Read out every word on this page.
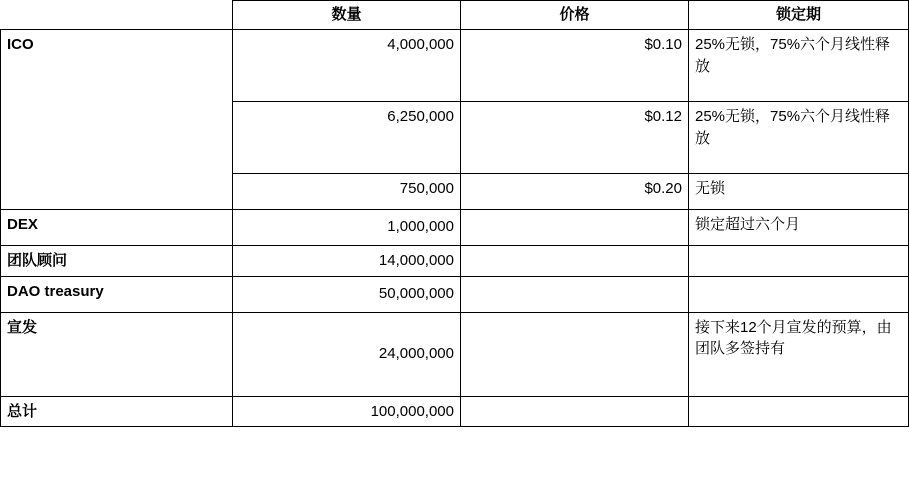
	数量	价格	锁定期
ICO	4,000,000	$0.10	25%无锁，75%六个月线性释放
	6,250,000	$0.12	25%无锁，75%六个月线性释放
	750,000	$0.20	无锁
DEX	1,000,000		锁定超过六个月
团队顾问	14,000,000		
DAO treasury	50,000,000		
宣发	24,000,000		接下来12个月宣发的预算，由团队多签持有
总计	100,000,000		
